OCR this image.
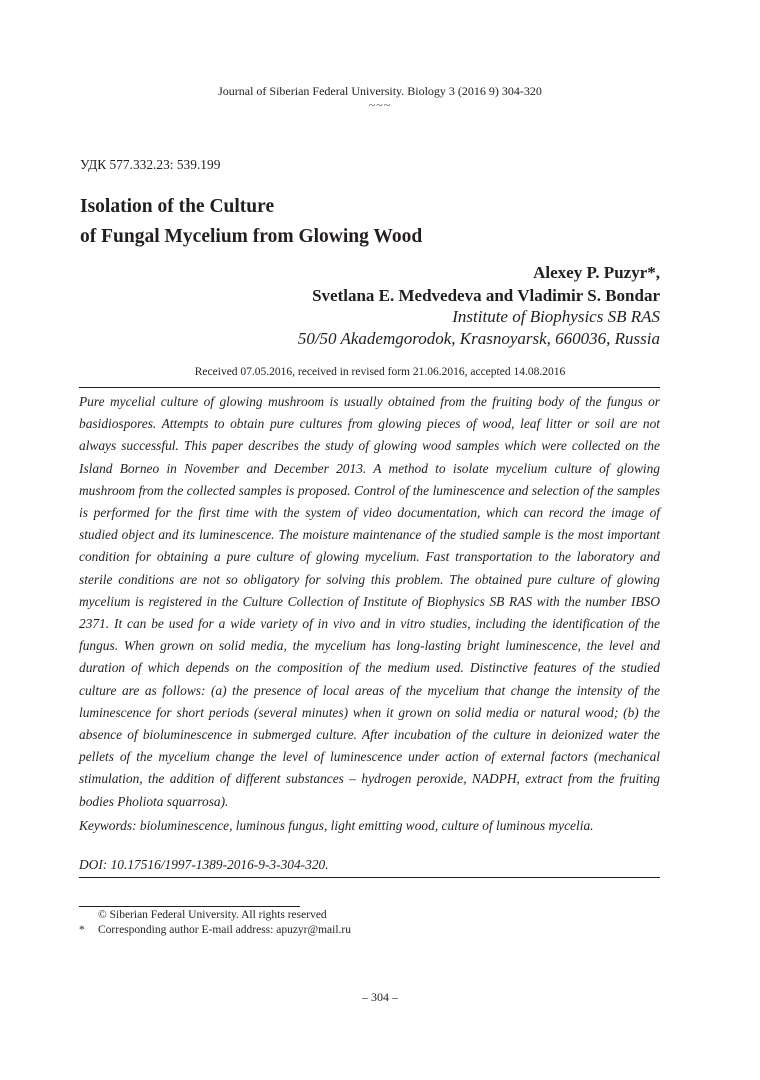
Journal of Siberian Federal University. Biology 3 (2016 9) 304-320
~~~
УДК 577.332.23: 539.199
Isolation of the Culture
of Fungal Mycelium from Glowing Wood
Alexey P. Puzyr*,
Svetlana E. Medvedeva and Vladimir S. Bondar
Institute of Biophysics SB RAS
50/50 Akademgorodok, Krasnoyarsk, 660036, Russia
Received 07.05.2016, received in revised form 21.06.2016, accepted 14.08.2016

Pure mycelial culture of glowing mushroom is usually obtained from the fruiting body of the fungus or basidiospores. Attempts to obtain pure cultures from glowing pieces of wood, leaf litter or soil are not always successful. This paper describes the study of glowing wood samples which were collected on the Island Borneo in November and December 2013. A method to isolate mycelium culture of glowing mushroom from the collected samples is proposed. Control of the luminescence and selection of the samples is performed for the first time with the system of video documentation, which can record the image of studied object and its luminescence. The moisture maintenance of the studied sample is the most important condition for obtaining a pure culture of glowing mycelium. Fast transportation to the laboratory and sterile conditions are not so obligatory for solving this problem. The obtained pure culture of glowing mycelium is registered in the Culture Collection of Institute of Biophysics SB RAS with the number IBSO 2371. It can be used for a wide variety of in vivo and in vitro studies, including the identification of the fungus. When grown on solid media, the mycelium has long-lasting bright luminescence, the level and duration of which depends on the composition of the medium used. Distinctive features of the studied culture are as follows: (a) the presence of local areas of the mycelium that change the intensity of the luminescence for short periods (several minutes) when it grown on solid media or natural wood; (b) the absence of bioluminescence in submerged culture. After incubation of the culture in deionized water the pellets of the mycelium change the level of luminescence under action of external factors (mechanical stimulation, the addition of different substances – hydrogen peroxide, NADPH, extract from the fruiting bodies Pholiota squarrosa).

Keywords: bioluminescence, luminous fungus, light emitting wood, culture of luminous mycelia.

DOI: 10.17516/1997-1389-2016-9-3-304-320.

© Siberian Federal University. All rights reserved
* Corresponding author E-mail address: apuzyr@mail.ru
– 304 –
